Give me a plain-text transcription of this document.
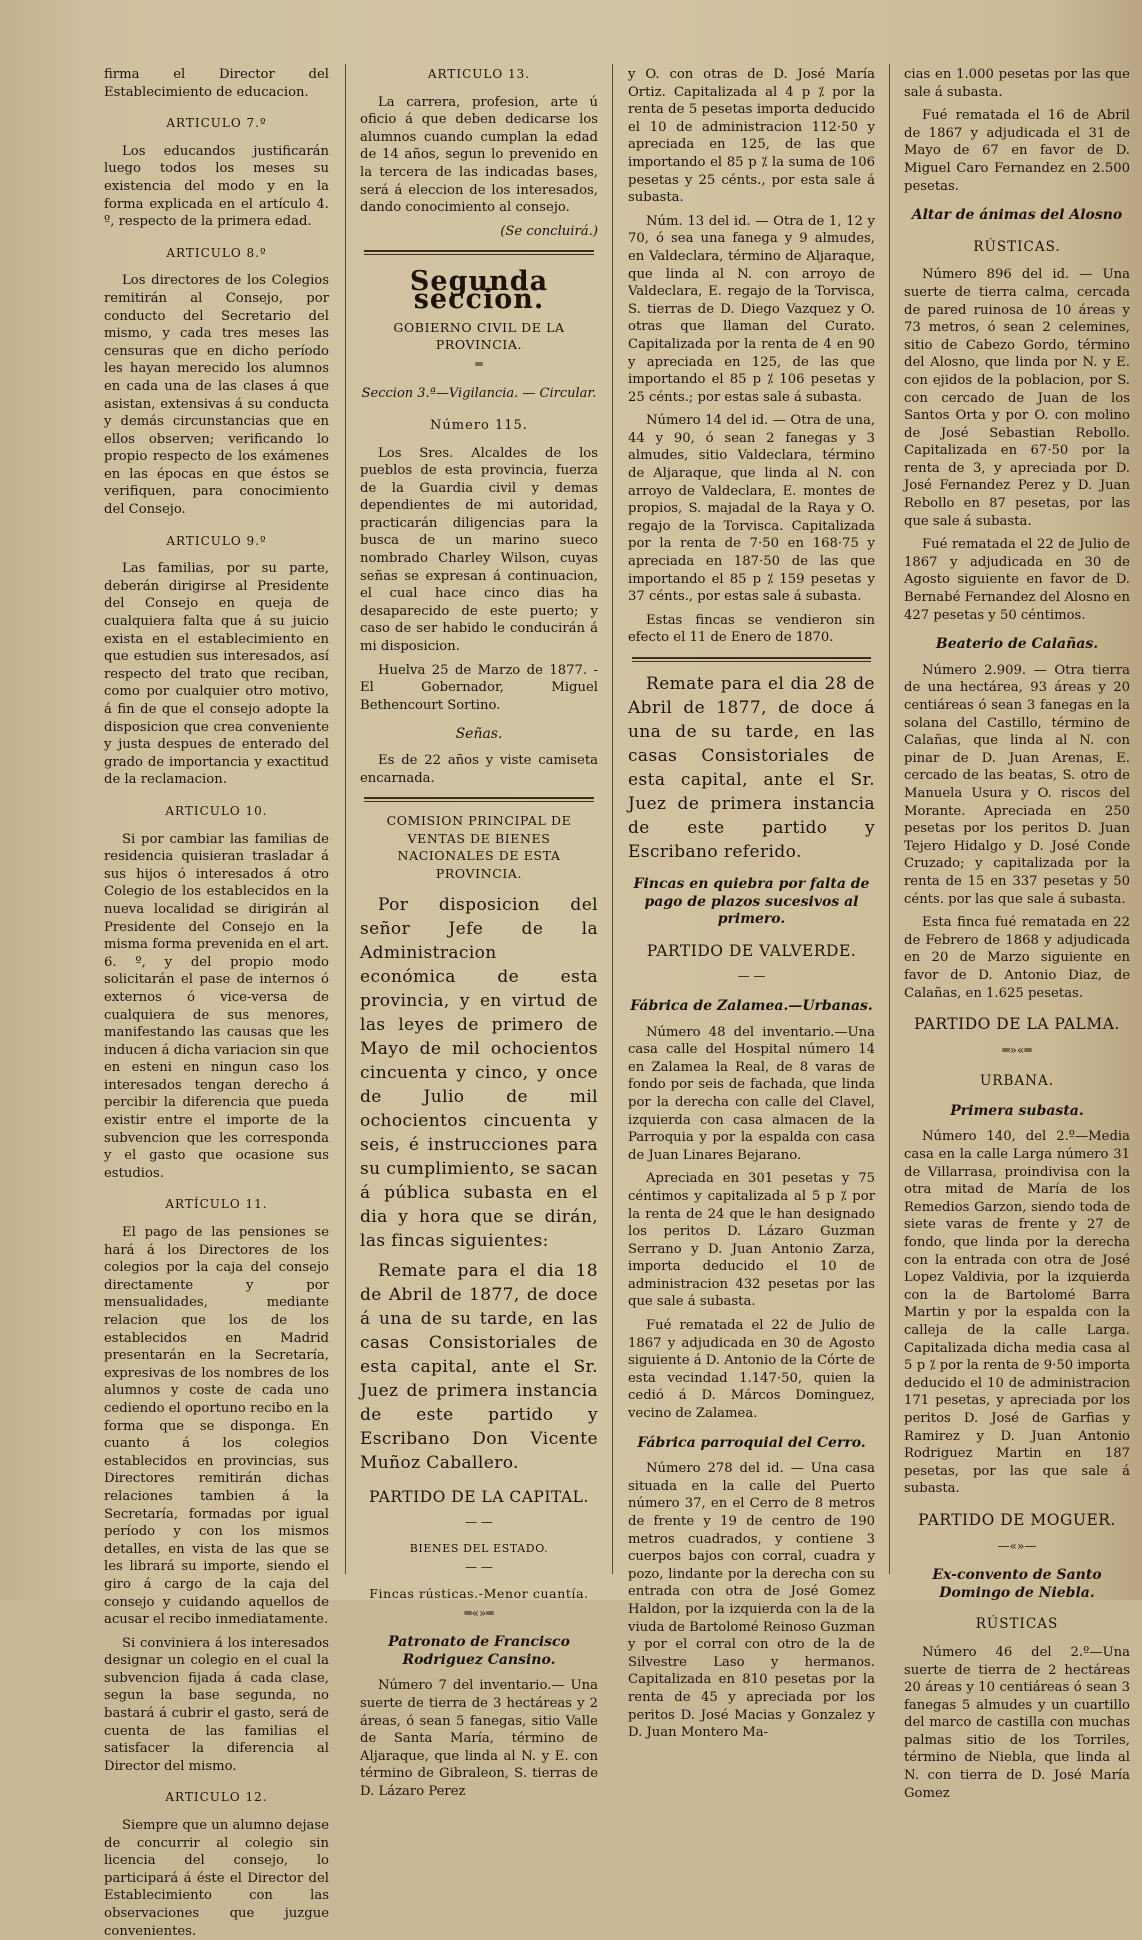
firma el Director del Establecimiento de educacion.

ARTICULO 7.º

Los educandos justificarán luego todos los meses su existencia del modo y en la forma explicada en el artículo 4. º, respecto de la primera edad.

ARTICULO 8.º

Los directores de los Colegios remitirán al Consejo, por conducto del Secretario del mismo, y cada tres meses las censuras que en dicho período les hayan merecido los alumnos en cada una de las clases á que asistan, extensivas á su conducta y demás circunstancias que en ellos observen; verificando lo propio respecto de los exámenes en las épocas en que éstos se verifiquen, para conocimiento del Consejo.

ARTICULO 9.º

Las familias, por su parte, deberán dirigirse al Presidente del Consejo en queja de cualquiera falta que á su juicio exista en el establecimiento en que estudien sus interesados, así respecto del trato que reciban, como por cualquier otro motivo, á fin de que el consejo adopte la disposicion que crea conveniente y justa despues de enterado del grado de importancia y exactitud de la reclamacion.

ARTICULO 10.

Si por cambiar las familias de residencia quisieran trasladar á sus hijos ó interesados á otro Colegio de los establecidos en la nueva localidad se dirigirán al Presidente del Consejo en la misma forma prevenida en el art. 6. º, y del propio modo solicitarán el pase de internos ó externos ó vice-versa de cualquiera de sus menores, manifestando las causas que les inducen á dicha variacion sin que en esteni en ningun caso los interesados tengan derecho á percibir la diferencia que pueda existir entre el importe de la subvencion que les corresponda y el gasto que ocasione sus estudios.

ARTÍCULO 11.

El pago de las pensiones se hará á los Directores de los colegios por la caja del consejo directamente y por mensualidades, mediante relacion que los de los establecidos en Madrid presentarán en la Secretaría, expresivas de los nombres de los alumnos y coste de cada uno cediendo el oportuno recibo en la forma que se disponga. En cuanto á los colegios establecidos en provincias, sus Directores remitirán dichas relaciones tambien á la Secretaría, formadas por igual período y con los mismos detalles, en vista de las que se les librará su importe, siendo el giro á cargo de la caja del consejo y cuidando aquellos de acusar el recibo inmediatamente.

Si conviniera á los interesados designar un colegio en el cual la subvencion fijada á cada clase, segun la base segunda, no bastará á cubrir el gasto, será de cuenta de las familias el satisfacer la diferencia al Director del mismo.

ARTICULO 12.

Siempre que un alumno dejase de concurrir al colegio sin licencia del consejo, lo participará á éste el Director del Establecimiento con las observaciones que juzgue convenientes.

ARTICULO 13.

La carrera, profesion, arte ú oficio á que deben dedicarse los alumnos cuando cumplan la edad de 14 años, segun lo prevenido en la tercera de las indicadas bases, será á eleccion de los interesados, dando conocimiento al consejo.

(Se concluirá.)

Segunda seccion.
GOBIERNO CIVIL DE LA PROVINCIA.
═
Seccion 3.ª—Vigilancia. — Circular.
Número 115.

Los Sres. Alcaldes de los pueblos de esta provincia, fuerza de la Guardia civil y demas dependientes de mi autoridad, practicarán diligencias para la busca de un marino sueco nombrado Charley Wilson, cuyas señas se expresan á continuacion, el cual hace cinco dias ha desaparecido de este puerto; y caso de ser habido le conducirán á mi disposicion.

Huelva 25 de Marzo de 1877. -El Gobernador, Miguel Bethencourt Sortino.

Señas.

Es de 22 años y viste camiseta encarnada.

COMISION PRINCIPAL DE VENTAS DE BIENES NACIONALES DE ESTA PROVINCIA.

Por disposicion del señor Jefe de la Administracion económica de esta provincia, y en virtud de las leyes de primero de Mayo de mil ochocientos cincuenta y cinco, y once de Julio de mil ochocientos cincuenta y seis, é instrucciones para su cumplimiento, se sacan á pública subasta en el dia y hora que se dirán, las fincas siguientes:

Remate para el dia 18 de Abril de 1877, de doce á una de su tarde, en las casas Consistoriales de esta capital, ante el Sr. Juez de primera instancia de este partido y Escribano Don Vicente Muñoz Caballero.

PARTIDO DE LA CAPITAL.
— —
BIENES DEL ESTADO.
— —
Fincas rústicas.-Menor cuantía.
═«»═
Patronato de Francisco Rodriguez Cansino.

Número 7 del inventario.— Una suerte de tierra de 3 hectáreas y 2 áreas, ó sean 5 fanegas, sitio Valle de Santa María, término de Aljaraque, que linda al N. y E. con término de Gibraleon, S. tierras de D. Lázaro Perez

y O. con otras de D. José María Ortiz. Capitalizada al 4 p ⁒ por la renta de 5 pesetas importa deducido el 10 de administracion 112·50 y apreciada en 125, de las que importando el 85 p ⁒ la suma de 106 pesetas y 25 cénts., por esta sale á subasta.

Núm. 13 del id. — Otra de 1, 12 y 70, ó sea una fanega y 9 almudes, en Valdeclara, término de Aljaraque, que linda al N. con arroyo de Valdeclara, E. regajo de la Torvisca, S. tierras de D. Diego Vazquez y O. otras que llaman del Curato. Capitalizada por la renta de 4 en 90 y apreciada en 125, de las que importando el 85 p ⁒ 106 pesetas y 25 cénts.; por estas sale á subasta.

Número 14 del id. — Otra de una, 44 y 90, ó sean 2 fanegas y 3 almudes, sitio Valdeclara, término de Aljaraque, que linda al N. con arroyo de Valdeclara, E. montes de propios, S. majadal de la Raya y O. regajo de la Torvisca. Capitalizada por la renta de 7·50 en 168·75 y apreciada en 187·50 de las que importando el 85 p ⁒ 159 pesetas y 37 cénts., por estas sale á subasta.

Estas fincas se vendieron sin efecto el 11 de Enero de 1870.

Remate para el dia 28 de Abril de 1877, de doce á una de su tarde, en las casas Consistoriales de esta capital, ante el Sr. Juez de primera instancia de este partido y Escribano referido.

Fincas en quiebra por falta de pago de plazos sucesivos al primero.
PARTIDO DE VALVERDE.
— —
Fábrica de Zalamea.—Urbanas.

Número 48 del inventario.—Una casa calle del Hospital número 14 en Zalamea la Real, de 8 varas de fondo por seis de fachada, que linda por la derecha con calle del Clavel, izquierda con casa almacen de la Parroquia y por la espalda con casa de Juan Linares Bejarano.

Apreciada en 301 pesetas y 75 céntimos y capitalizada al 5 p ⁒ por la renta de 24 que le han designado los peritos D. Lázaro Guzman Serrano y D. Juan Antonio Zarza, importa deducido el 10 de administracion 432 pesetas por las que sale á subasta.

Fué rematada el 22 de Julio de 1867 y adjudicada en 30 de Agosto siguiente á D. Antonio de la Córte de esta vecindad 1.147·50, quien la cedió á D. Márcos Dominguez, vecino de Zalamea.

Fábrica parroquial del Cerro.

Número 278 del id. — Una casa situada en la calle del Puerto número 37, en el Cerro de 8 metros de frente y 19 de centro de 190 metros cuadrados, y contiene 3 cuerpos bajos con corral, cuadra y pozo, lindante por la derecha con su entrada con otra de José Gomez Haldon, por la izquierda con la de la viuda de Bartolomé Reinoso Guzman y por el corral con otro de la de Silvestre Laso y hermanos. Capitalizada en 810 pesetas por la renta de 45 y apreciada por los peritos D. José Macias y Gonzalez y D. Juan Montero Ma-

cias en 1.000 pesetas por las que sale á subasta.

Fué rematada el 16 de Abril de 1867 y adjudicada el 31 de Mayo de 67 en favor de D. Miguel Caro Fernandez en 2.500 pesetas.

Altar de ánimas del Alosno
RÚSTICAS.

Número 896 del id. — Una suerte de tierra calma, cercada de pared ruinosa de 10 áreas y 73 metros, ó sean 2 celemines, sitio de Cabezo Gordo, término del Alosno, que linda por N. y E. con ejidos de la poblacion, por S. con cercado de Juan de los Santos Orta y por O. con molino de José Sebastian Rebollo. Capitalizada en 67·50 por la renta de 3, y apreciada por D. José Fernandez Perez y D. Juan Rebollo en 87 pesetas, por las que sale á subasta.

Fué rematada el 22 de Julio de 1867 y adjudicada en 30 de Agosto siguiente en favor de D. Bernabé Fernandez del Alosno en 427 pesetas y 50 céntimos.

Beaterio de Calañas.

Número 2.909. — Otra tierra de una hectárea, 93 áreas y 20 centiáreas ó sean 3 fanegas en la solana del Castillo, término de Calañas, que linda al N. con pinar de D. Juan Arenas, E. cercado de las beatas, S. otro de Manuela Usura y O. riscos del Morante. Apreciada en 250 pesetas por los peritos D. Juan Tejero Hidalgo y D. José Conde Cruzado; y capitalizada por la renta de 15 en 337 pesetas y 50 cénts. por las que sale á subasta.

Esta finca fué rematada en 22 de Febrero de 1868 y adjudicada en 20 de Marzo siguiente en favor de D. Antonio Diaz, de Calañas, en 1.625 pesetas.

PARTIDO DE LA PALMA.
═»«═
URBANA.
Primera subasta.

Número 140, del 2.º—Media casa en la calle Larga número 31 de Villarrasa, proindivisa con la otra mitad de María de los Remedios Garzon, siendo toda de siete varas de frente y 27 de fondo, que linda por la derecha con la entrada con otra de José Lopez Valdivia, por la izquierda con la de Bartolomé Barra Martin y por la espalda con la calleja de la calle Larga. Capitalizada dicha media casa al 5 p ⁒ por la renta de 9·50 importa deducido el 10 de administracion 171 pesetas, y apreciada por los peritos D. José de Garfias y Ramirez y D. Juan Antonio Rodriguez Martin en 187 pesetas, por las que sale á subasta.

PARTIDO DE MOGUER.
—«»—
Ex-convento de Santo Domingo de Niebla.
RÚSTICAS

Número 46 del 2.º—Una suerte de tierra de 2 hectáreas 20 áreas y 10 centiáreas ó sean 3 fanegas 5 almudes y un cuartillo del marco de castilla con muchas palmas sitio de los Torriles, término de Niebla, que linda al N. con tierra de D. José María Gomez
